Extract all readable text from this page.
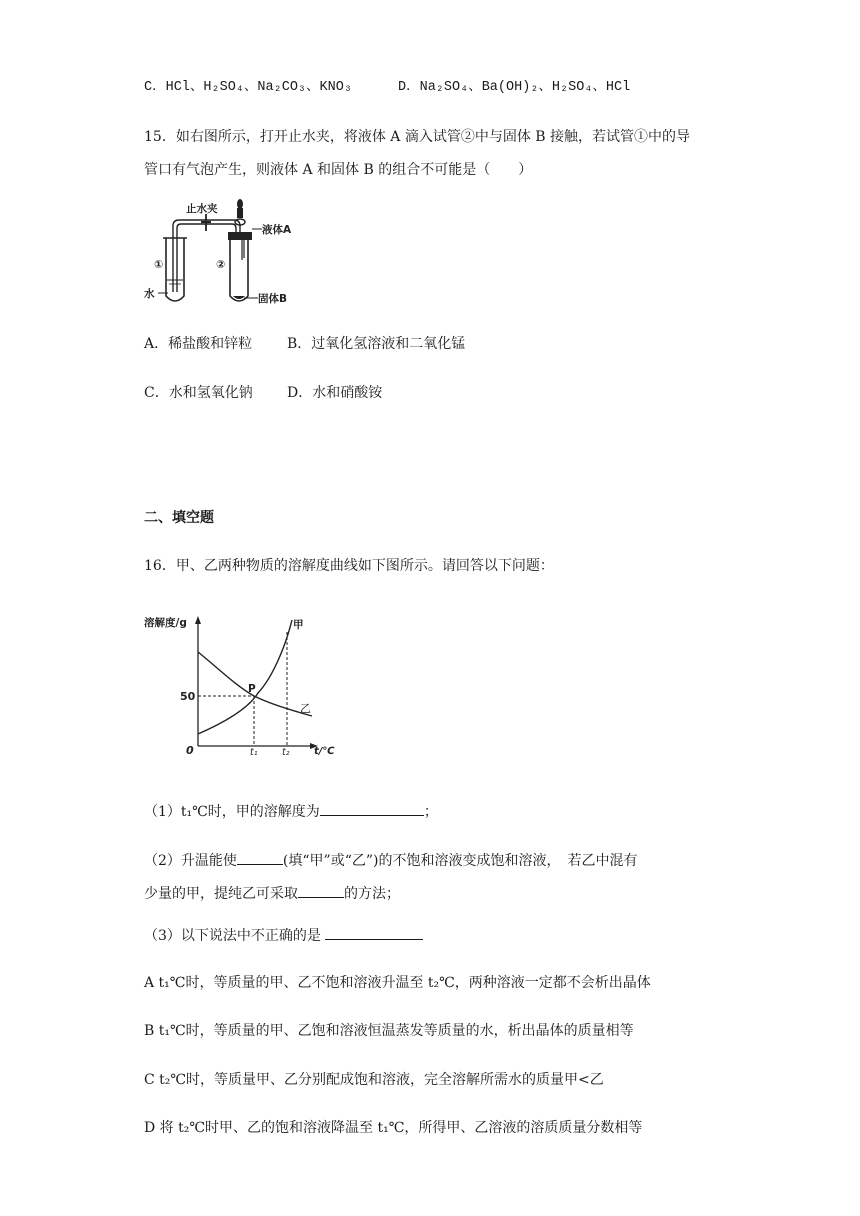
C．HCl、H₂SO₄、Na₂CO₃、KNO₃	D．Na₂SO₄、Ba(OH)₂、H₂SO₄、HCl
15．如右图所示，打开止水夹，将液体 A 滴入试管②中与固体 B 接触，若试管①中的导
管口有气泡产生，则液体 A 和固体 B 的组合不可能是（　　）
止水夹
液体A
①	②
水	固体B
A．稀盐酸和锌粒 B．过氧化氢溶液和二氧化锰
C．水和氢氧化钠 D．水和硝酸铵
二、填空题
16．甲、乙两种物质的溶解度曲线如下图所示。请回答以下问题：
溶解度/g
t/℃
50
0	t₁	t₂
P
甲
乙
（1）t₁℃时，甲的溶解度为	；
（2）升温能使	(填“甲”或“乙”)的不饱和溶液变成饱和溶液，　若乙中混有
少量的甲，提纯乙可采取	的方法；
（3）以下说法中不正确的是
A t₁℃时，等质量的甲、乙不饱和溶液升温至 t₂℃，两种溶液一定都不会析出晶体
B t₁℃时，等质量的甲、乙饱和溶液恒温蒸发等质量的水，析出晶体的质量相等
C t₂℃时，等质量甲、乙分别配成饱和溶液，完全溶解所需水的质量甲<乙
D 将 t₂℃时甲、乙的饱和溶液降温至 t₁℃，所得甲、乙溶液的溶质质量分数相等
